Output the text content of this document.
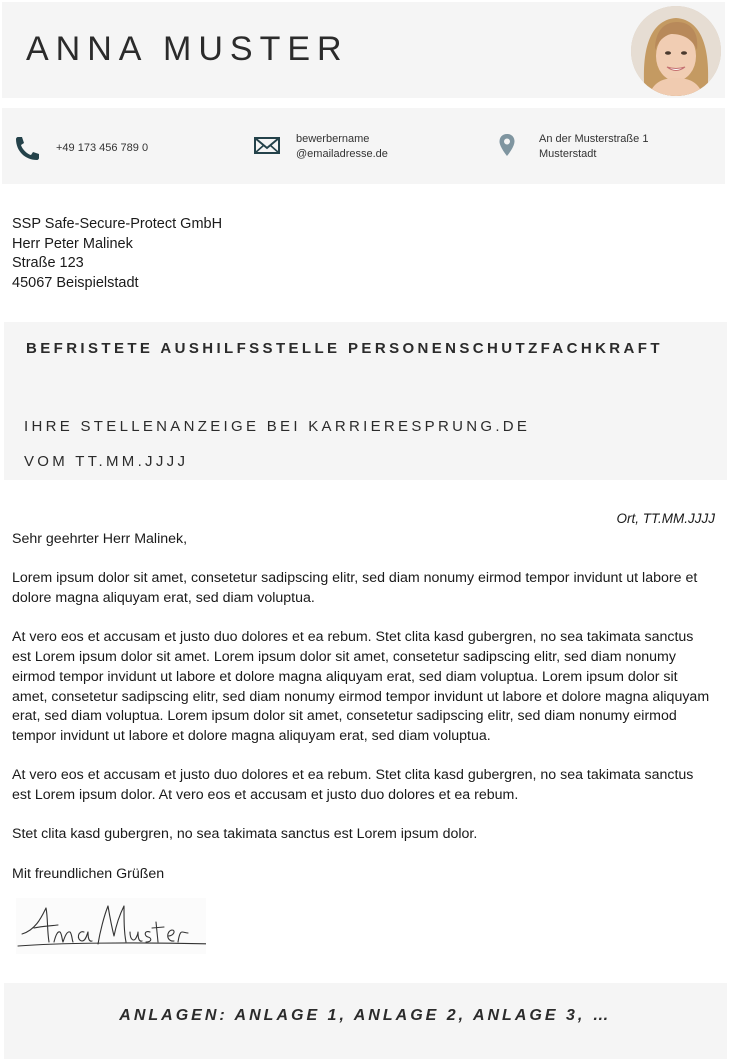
ANNA MUSTER
+49 173 456 789 0
bewerbername
@emailadresse.de
An der Musterstraße 1
Musterstadt
SSP Safe-Secure-Protect GmbH
Herr Peter Malinek
Straße 123
45067 Beispielstadt
BEFRISTETE AUSHILFSSTELLE PERSONENSCHUTZFACHKRAFT
IHRE STELLENANZEIGE BEI KARRIERESPRUNG.DE
VOM TT.MM.JJJJ
Ort, TT.MM.JJJJ

Sehr geehrter Herr Malinek,

Lorem ipsum dolor sit amet, consetetur sadipscing elitr, sed diam nonumy eirmod tempor invidunt ut labore et dolore magna aliquyam erat, sed diam voluptua.

At vero eos et accusam et justo duo dolores et ea rebum. Stet clita kasd gubergren, no sea takimata sanctus est Lorem ipsum dolor sit amet. Lorem ipsum dolor sit amet, consetetur sadipscing elitr, sed diam nonumy eirmod tempor invidunt ut labore et dolore magna aliquyam erat, sed diam voluptua. Lorem ipsum dolor sit amet, consetetur sadipscing elitr, sed diam nonumy eirmod tempor invidunt ut labore et dolore magna aliquyam erat, sed diam voluptua. Lorem ipsum dolor sit amet, consetetur sadipscing elitr, sed diam nonumy eirmod tempor invidunt ut labore et dolore magna aliquyam erat, sed diam voluptua.

At vero eos et accusam et justo duo dolores et ea rebum. Stet clita kasd gubergren, no sea takimata sanctus est Lorem ipsum dolor. At vero eos et accusam et justo duo dolores et ea rebum.

Stet clita kasd gubergren, no sea takimata sanctus est Lorem ipsum dolor.

Mit freundlichen Grüßen

ANLAGEN: ANLAGE 1, ANLAGE 2, ANLAGE 3, …
